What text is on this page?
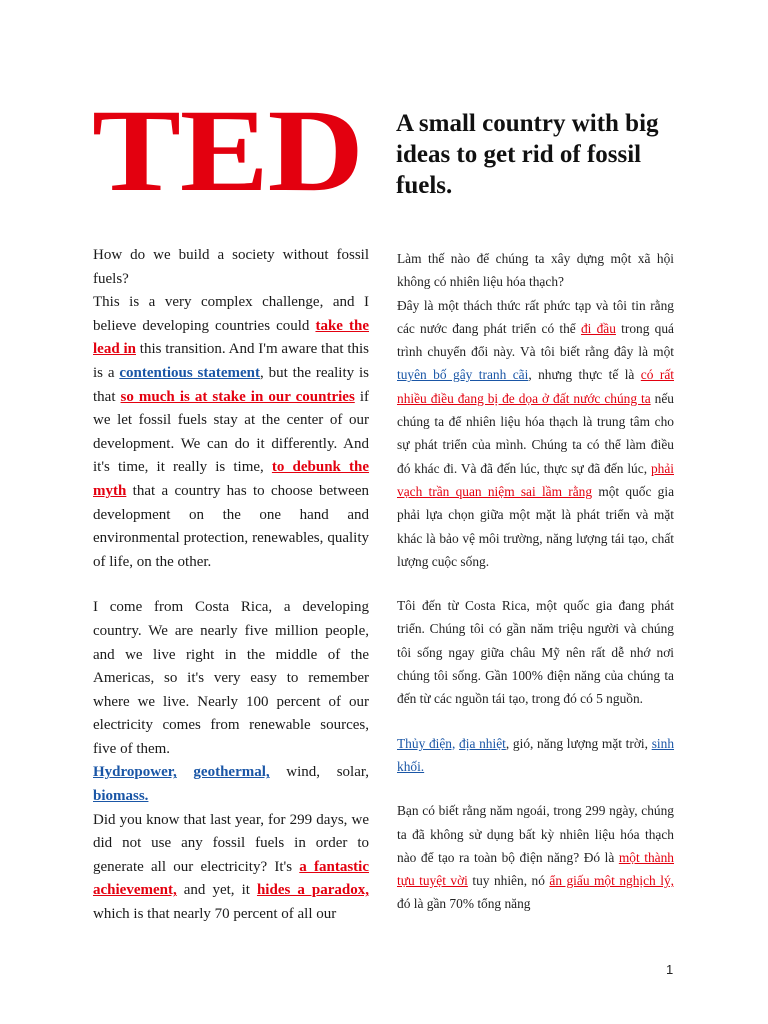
TED A small country with big ideas to get rid of fossil fuels.

How do we build a society without fossil fuels?

This is a very complex challenge, and I believe developing countries could take the lead in this transition. And I'm aware that this is a contentious statement, but the reality is that so much is at stake in our countries if we let fossil fuels stay at the center of our development. We can do it differently. And it's time, it really is time, to debunk the myth that a country has to choose between development on the one hand and environmental protection, renewables, quality of life, on the other.

I come from Costa Rica, a developing country. We are nearly five million people, and we live right in the middle of the Americas, so it's very easy to remember where we live. Nearly 100 percent of our electricity comes from renewable sources, five of them.

Hydropower, geothermal, wind, solar, biomass.

Did you know that last year, for 299 days, we did not use any fossil fuels in order to generate all our electricity? It's a fantastic achievement, and yet, it hides a paradox, which is that nearly 70 percent of all our

Làm thế nào để chúng ta xây dựng một xã hội không có nhiên liệu hóa thạch?

Đây là một thách thức rất phức tạp và tôi tin rằng các nước đang phát triển có thể đi đầu trong quá trình chuyển đổi này. Và tôi biết rằng đây là một tuyên bố gây tranh cãi, nhưng thực tế là có rất nhiều điều đang bị đe dọa ở đất nước chúng ta nếu chúng ta để nhiên liệu hóa thạch là trung tâm cho sự phát triển của mình. Chúng ta có thể làm điều đó khác đi. Và đã đến lúc, thực sự đã đến lúc, phải vạch trần quan niệm sai lầm rằng một quốc gia phải lựa chọn giữa một mặt là phát triển và mặt khác là bảo vệ môi trường, năng lượng tái tạo, chất lượng cuộc sống.

Tôi đến từ Costa Rica, một quốc gia đang phát triển. Chúng tôi có gần năm triệu người và chúng tôi sống ngay giữa châu Mỹ nên rất dễ nhớ nơi chúng tôi sống. Gần 100% điện năng của chúng ta đến từ các nguồn tái tạo, trong đó có 5 nguồn.

Thủy điện, địa nhiệt, gió, năng lượng mặt trời, sinh khối.

Bạn có biết rằng năm ngoái, trong 299 ngày, chúng ta đã không sử dụng bất kỳ nhiên liệu hóa thạch nào để tạo ra toàn bộ điện năng? Đó là một thành tựu tuyệt vời tuy nhiên, nó ẩn giấu một nghịch lý, đó là gần 70% tổng năng

1
